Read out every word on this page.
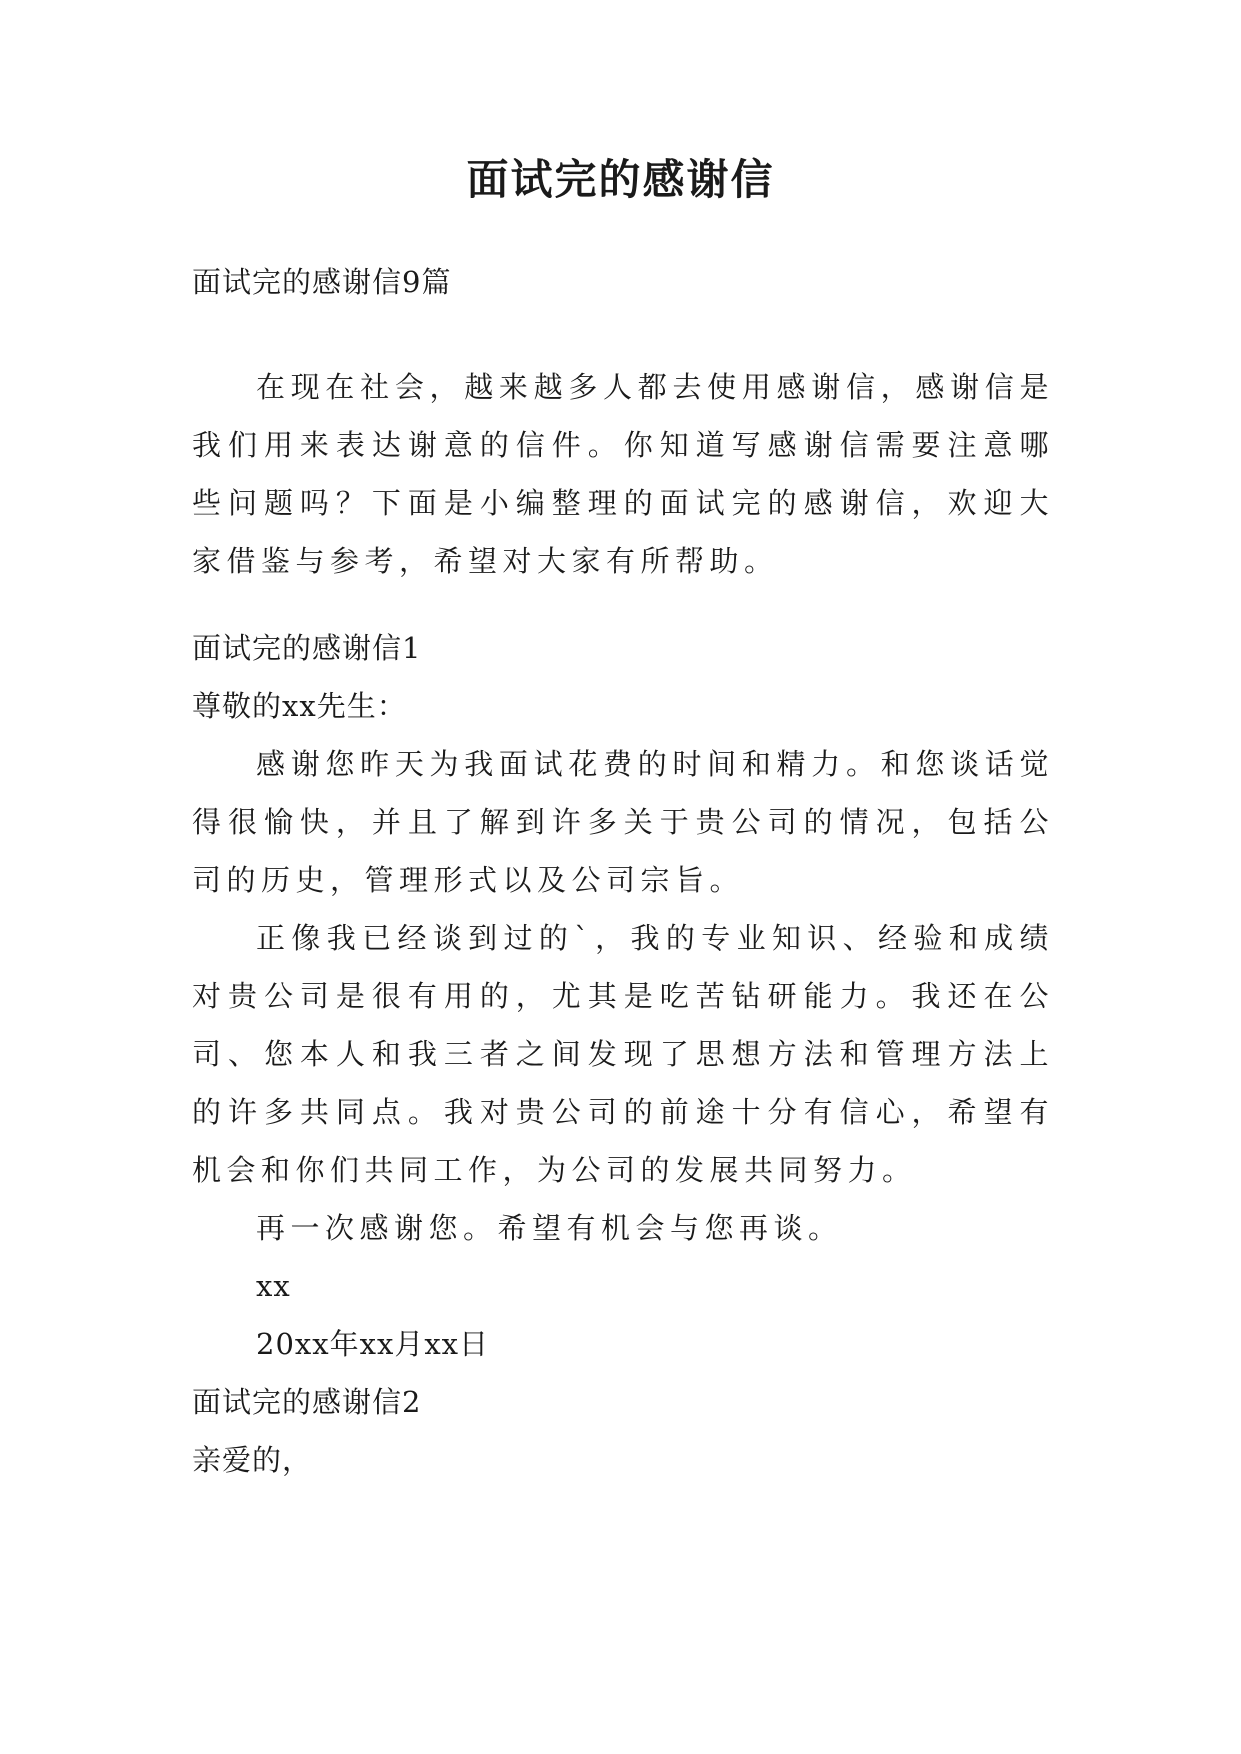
面试完的感谢信

面试完的感谢信9篇

在现在社会，越来越多人都去使用感谢信，感谢信是我们用来表达谢意的信件。你知道写感谢信需要注意哪些问题吗？下面是小编整理的面试完的感谢信，欢迎大家借鉴与参考，希望对大家有所帮助。

面试完的感谢信1

尊敬的xx先生：

感谢您昨天为我面试花费的时间和精力。和您谈话觉得很愉快，并且了解到许多关于贵公司的情况，包括公司的历史，管理形式以及公司宗旨。

正像我已经谈到过的`，我的专业知识、经验和成绩对贵公司是很有用的，尤其是吃苦钻研能力。我还在公司、您本人和我三者之间发现了思想方法和管理方法上的许多共同点。我对贵公司的前途十分有信心，希望有机会和你们共同工作，为公司的发展共同努力。

再一次感谢您。希望有机会与您再谈。

xx

20xx年xx月xx日

面试完的感谢信2

亲爱的，
